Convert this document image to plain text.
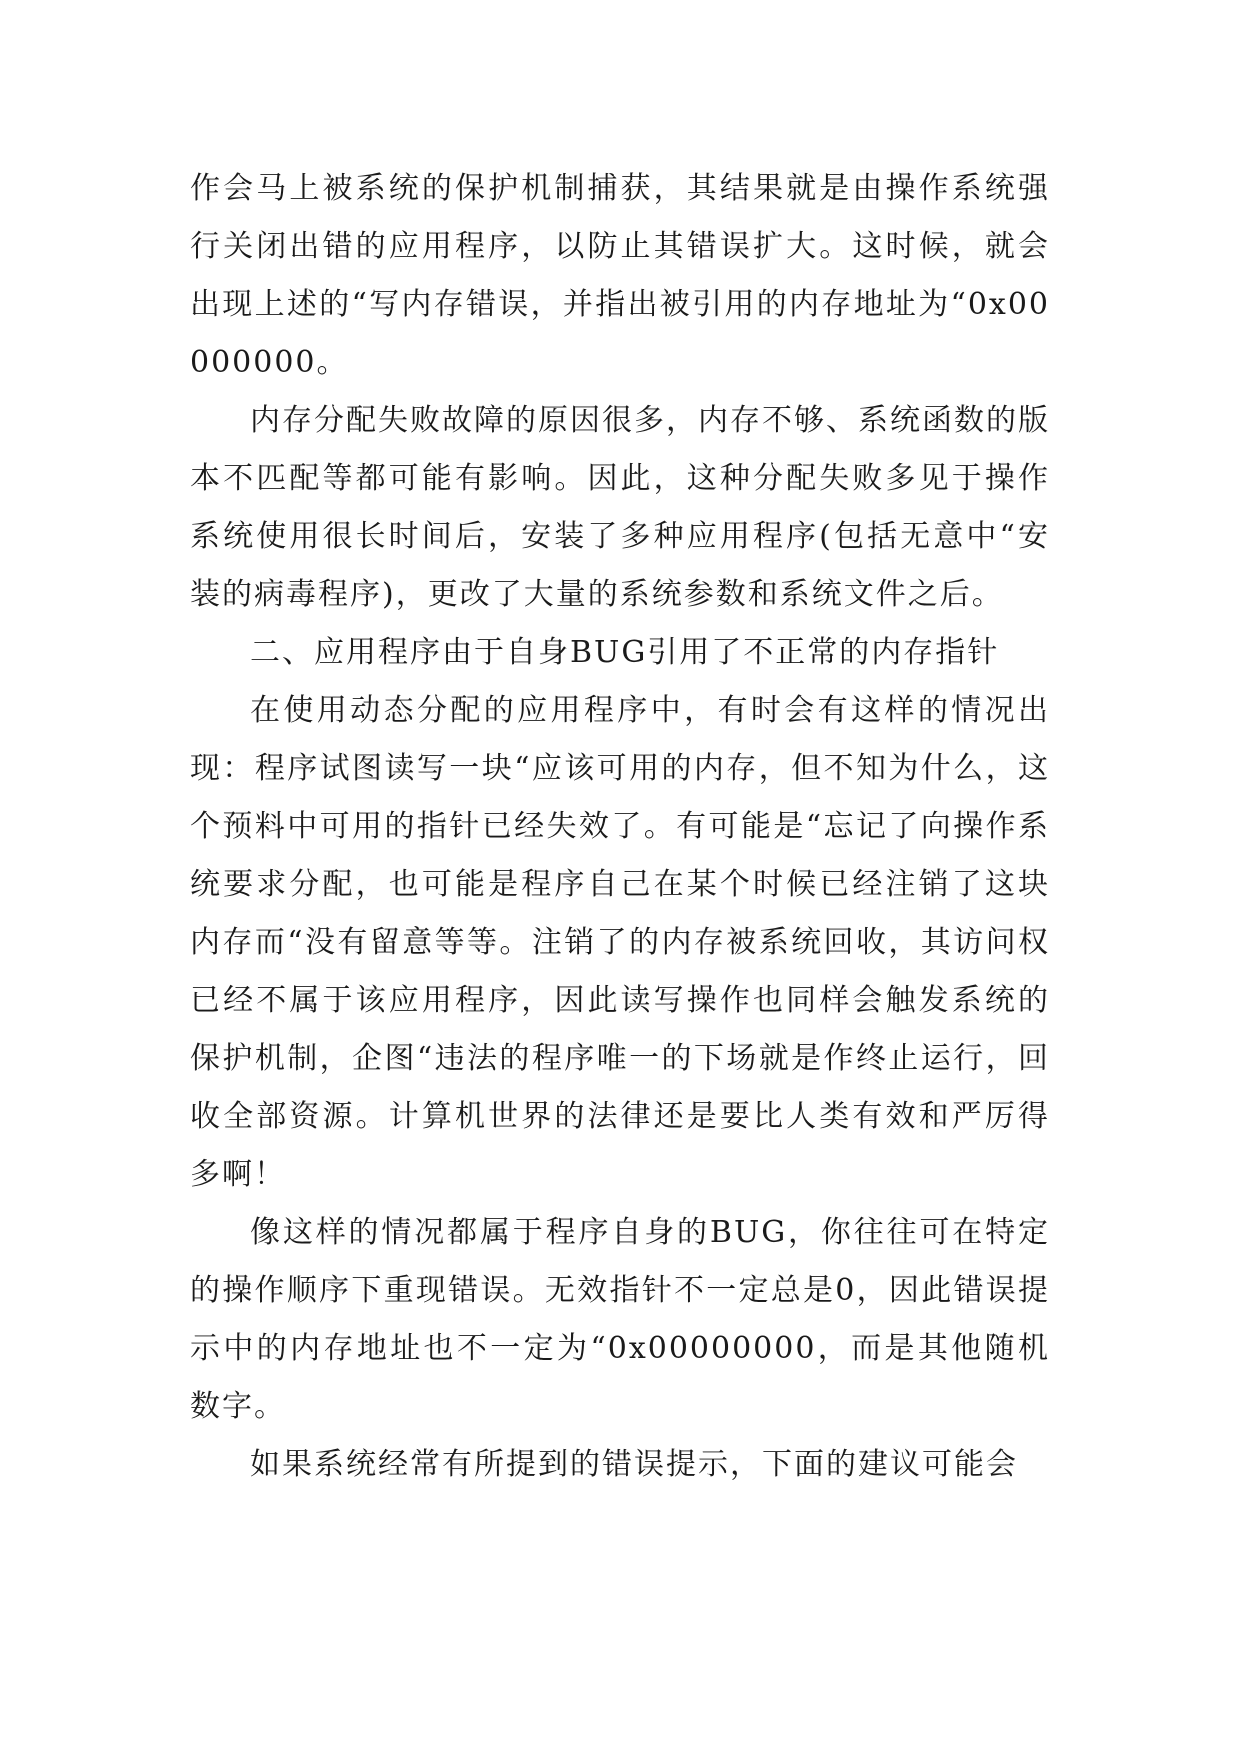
作会马上被系统的保护机制捕获，其结果就是由操作系统强行关闭出错的应用程序，以防止其错误扩大。这时候，就会出现上述的“写内存错误，并指出被引用的内存地址为“0x00000000。

内存分配失败故障的原因很多，内存不够、系统函数的版本不匹配等都可能有影响。因此，这种分配失败多见于操作系统使用很长时间后，安装了多种应用程序(包括无意中“安装的病毒程序)，更改了大量的系统参数和系统文件之后。

二、应用程序由于自身BUG引用了不正常的内存指针

在使用动态分配的应用程序中，有时会有这样的情况出现：程序试图读写一块“应该可用的内存，但不知为什么，这个预料中可用的指针已经失效了。有可能是“忘记了向操作系统要求分配，也可能是程序自己在某个时候已经注销了这块内存而“没有留意等等。注销了的内存被系统回收，其访问权已经不属于该应用程序，因此读写操作也同样会触发系统的保护机制，企图“违法的程序唯一的下场就是作终止运行，回收全部资源。计算机世界的法律还是要比人类有效和严厉得多啊！

像这样的情况都属于程序自身的BUG，你往往可在特定的操作顺序下重现错误。无效指针不一定总是0，因此错误提示中的内存地址也不一定为“0x00000000，而是其他随机数字。

如果系统经常有所提到的错误提示，下面的建议可能会
